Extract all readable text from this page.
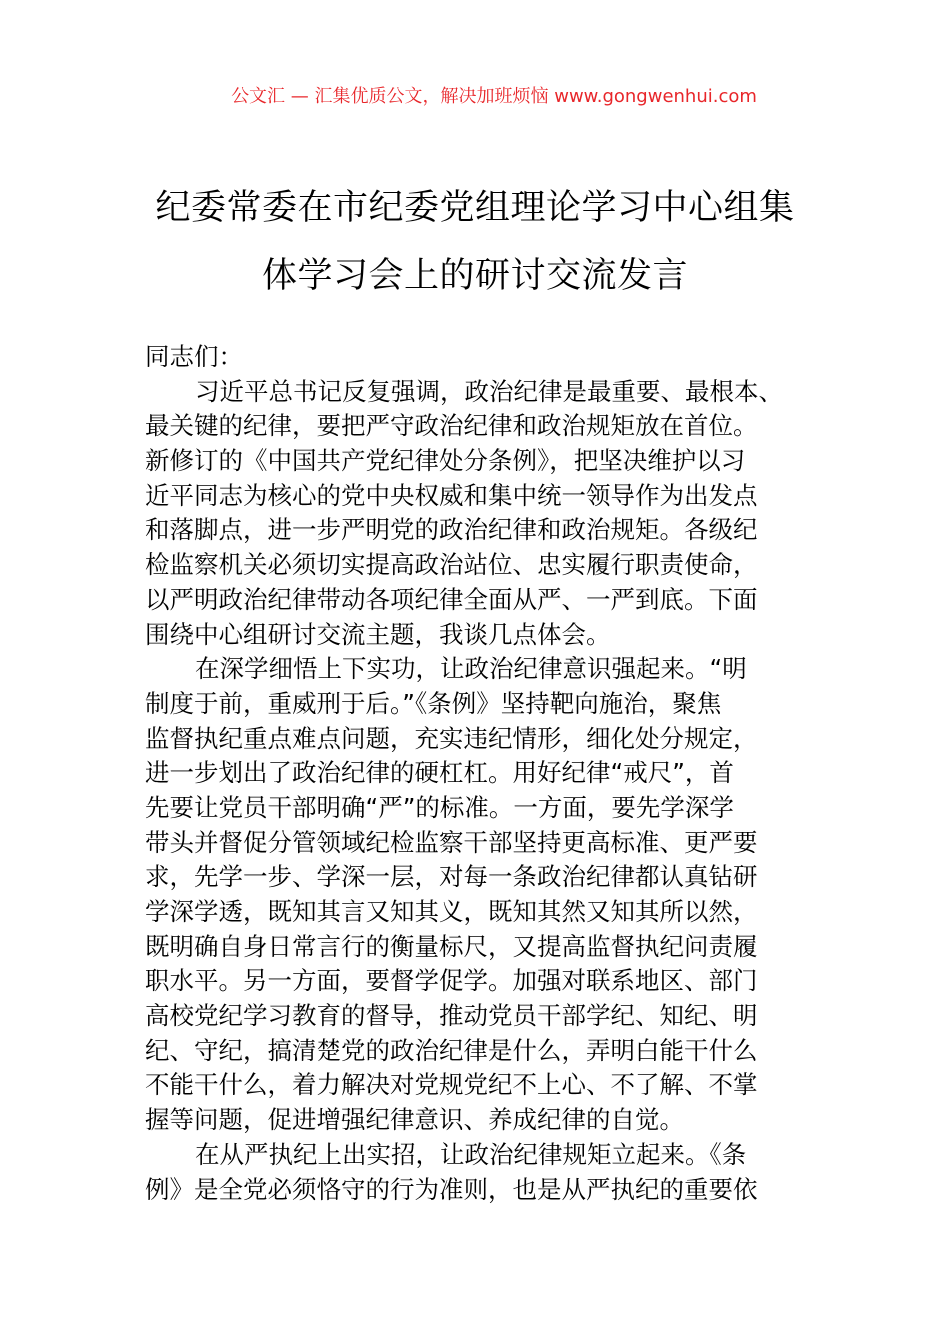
公文汇 — 汇集优质公文，解决加班烦恼 www.gongwenhui.com
纪委常委在市纪委党组理论学习中心组集
体学习会上的研讨交流发言
同志们：
习近平总书记反复强调，政治纪律是最重要、最根本、
最关键的纪律，要把严守政治纪律和政治规矩放在首位。
新修订的《中国共产党纪律处分条例》，把坚决维护以习
近平同志为核心的党中央权威和集中统一领导作为出发点
和落脚点，进一步严明党的政治纪律和政治规矩。各级纪
检监察机关必须切实提高政治站位、忠实履行职责使命，
以严明政治纪律带动各项纪律全面从严、一严到底。下面
围绕中心组研讨交流主题，我谈几点体会。
在深学细悟上下实功，让政治纪律意识强起来。“明
制度于前，重威刑于后。”《条例》坚持靶向施治，聚焦
监督执纪重点难点问题，充实违纪情形，细化处分规定，
进一步划出了政治纪律的硬杠杠。用好纪律“戒尺”，首
先要让党员干部明确“严”的标准。一方面，要先学深学
带头并督促分管领域纪检监察干部坚持更高标准、更严要
求，先学一步、学深一层，对每一条政治纪律都认真钻研
学深学透，既知其言又知其义，既知其然又知其所以然，
既明确自身日常言行的衡量标尺，又提高监督执纪问责履
职水平。另一方面，要督学促学。加强对联系地区、部门
高校党纪学习教育的督导，推动党员干部学纪、知纪、明
纪、守纪，搞清楚党的政治纪律是什么，弄明白能干什么
不能干什么，着力解决对党规党纪不上心、不了解、不掌
握等问题，促进增强纪律意识、养成纪律的自觉。
在从严执纪上出实招，让政治纪律规矩立起来。《条
例》是全党必须恪守的行为准则，也是从严执纪的重要依
